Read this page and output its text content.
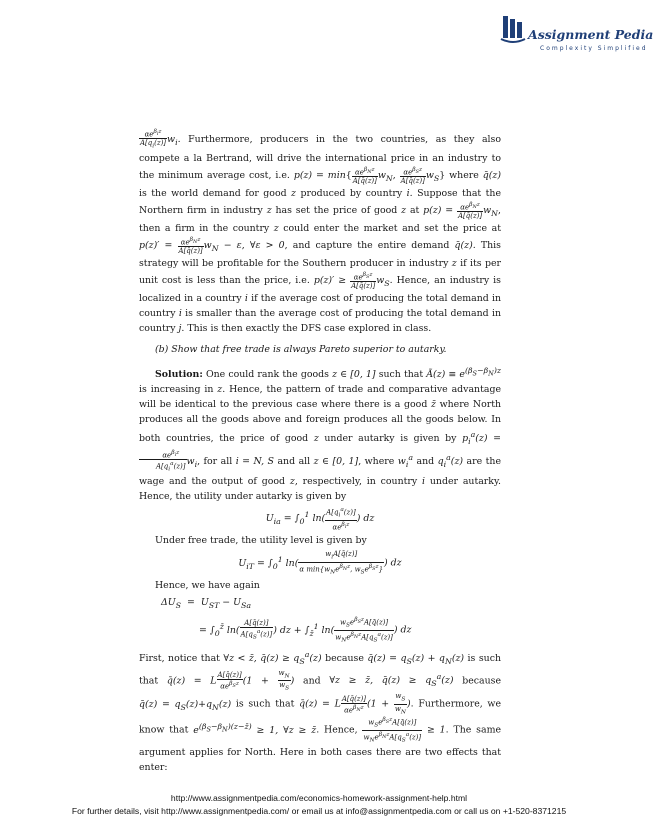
Assignment Pedia
Complexity Simplified

$\frac{\alpha e^{\beta_iz}}{A[q_i(z)]} w_i$. Furthermore, producers in the two countries, as they also compete a la Bertrand, will drive the international price in an industry to the minimum average cost, i.e. $p(z) = \min\{ \frac{\alpha e^{\beta_Nz}}{A[q̄(z)]} w_N$, $\frac{\alpha e^{\beta_Sz}}{A[q̄(z)]} w_S$} where q̄(z) is the world demand for good z produced by country i. Suppose that the Northern firm in industry z has set the price of good z at $p(z) = \frac{\alpha e^{\beta_Nz}}{A[q̄(z)]} w_N$, then a firm in the country z could enter the market and set the price at $p(z)' = \frac{\alpha e^{\beta_Nz}}{A[q̄(z)]} w_N - \varepsilon$, ∀ε > 0, and capture the entire demand q̄(z). This strategy will be profitable for the Southern producer in industry z if its per unit cost is less than the price, i.e. $p(z)' \ge \frac{\alpha e^{\beta_Sz}}{A[q̄(z)]} w_S$. Hence, an industry is localized in a country i if the average cost of producing the total demand in country i is smaller than the average cost of producing the total demand in country j. This is then exactly the DFS case explored in class.

(b) Show that free trade is always Pareto superior to autarky.

Solution: One could rank the goods z ∈ [0, 1] such that Ã(z) ≡ $e^{(\beta_S-\beta_N)z}$ is increasing in z. Hence, the pattern of trade and comparative advantage will be identical to the previous case where there is a good z̄ where North produces all the goods above and foreign produces all the goods below. In both countries, the price of good z under autarky is given by $p_i^a(z)$ =
$\frac{\alpha e^{\beta_iz}}{A[q_i^a(z)]} w_i$, for all i = N, S and all z ∈ [0, 1], where $w_i^a$ and $q_i^a(z)$ are the wage and the output of good z, respectively, in country i under autarky. Hence, the utility under autarky is given by

$U_{ia} = \int_0^1$ $\ln( \frac{A[q_i^a(z)]}{\alpha e^{\beta_iz}}$ ) dz

Under free trade, the utility level is given by

$U_{iT} = \int_0^1$ $\ln( \frac{w_iA[q̄(z)]}{\alpha \min\{w_Ne^{\beta_Nz}, w_Se^{\beta_Sz}\}}$ ) dz

Hence, we have again

$\Delta U_S = U_{ST} - U_{Sa}$
= $\int_0^{z̄}$ $\ln( \frac{A[q̄(z)]}{A[q_S^a(z)]}$ ) dz + $\int_{z̄}^1$ $\ln( \frac{w_Se^{\beta_Sz}A[q̄(z)]}{w_Ne^{\beta_Nz}A[q_S^a(z)]}$ ) dz

First, notice that ∀z < z̄, q̄(z) ≥ $q_S^a(z)$ because q̄(z) = $q_S(z) + q_N(z)$ is such that q̄(z) = L $\frac{A[q̄(z)]}{\alpha e^{\beta_Sz}} (1 + \frac{w_N}{w_S}$ ) and ∀z ≥ z̄, q̄(z) ≥ $q_S^a(z)$ because q̄(z) = $q_S(z)+q_N(z)$ is such that q̄(z) = L $\frac{A[q̄(z)]}{\alpha e^{\beta_Nz}} (1 + \frac{w_S}{w_N}$ ). Furthermore, we know that $e^{(\beta_S-\beta_N)(z-z̄)} \ge 1$, ∀z ≥ z̄. Hence, $\frac{w_Se^{\beta_Sz}A[q̄(z)]}{w_Ne^{\beta_Nz}A[q_S^a(z)]} \ge 1$. The same argument applies for North. Here in both cases there are two effects that enter:

http://www.assignmentpedia.com/economics-homework-assignment-help.html
For further details, visit http://www.assignmentpedia.com/ or email us at info@assignmentpedia.com or call us on +1-520-8371215
